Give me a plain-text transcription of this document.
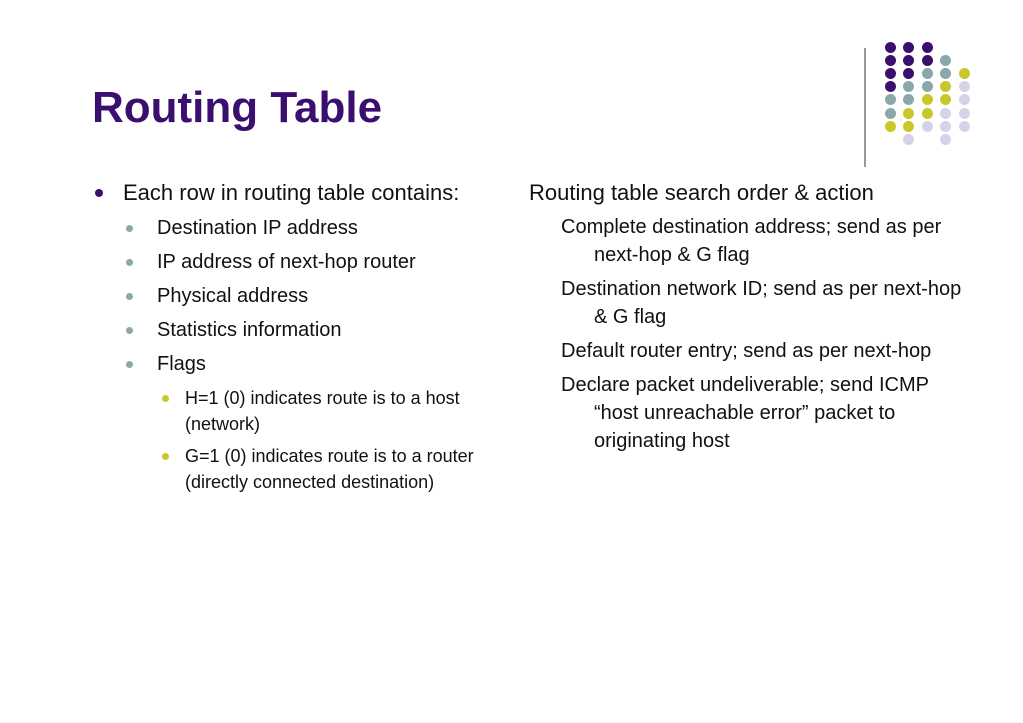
Routing Table
Each row in routing table contains:
Destination IP address
IP address of next-hop router
Physical address
Statistics information
Flags
H=1 (0) indicates route is to a host (network)
G=1 (0) indicates route is to a router (directly connected destination)
Routing table search order & action
Complete destination address; send as per next-hop & G flag
Destination network ID; send as per next-hop & G flag
Default router entry; send as per next-hop
Declare packet undeliverable; send ICMP “host unreachable error” packet to originating host
